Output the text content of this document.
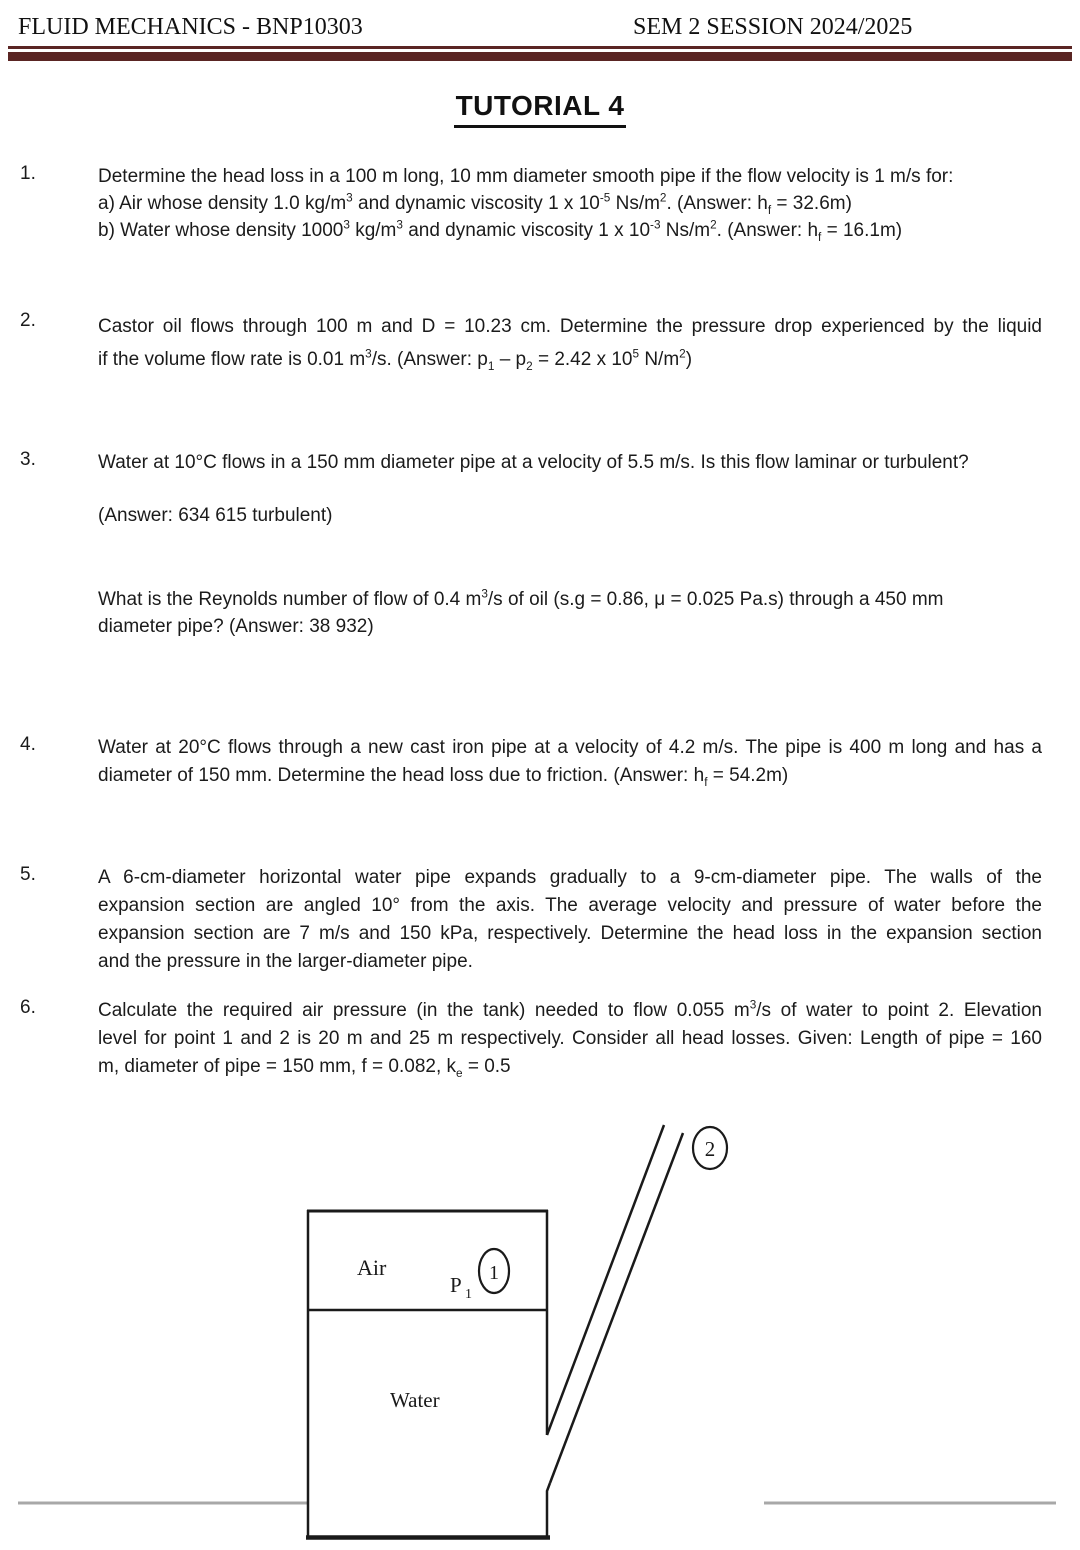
FLUID MECHANICS - BNP10303	SEM 2 SESSION 2024/2025
TUTORIAL 4
1.	Determine the head loss in a 100 m long, 10 mm diameter smooth pipe if the flow velocity is 1 m/s for:
a) Air whose density 1.0 $kg/m^3$ and dynamic viscosity 1 x $10^{-5}$ $Ns/m^2$. (Answer: $h_f = 32.6m$)
b) Water whose density 1000$^3$ $kg/m^3$ and dynamic viscosity 1 x $10^{-3}$ $Ns/m^2$. (Answer: $h_f = 16.1m$)
2.	Castor oil flows through 100 m and D = 10.23 cm. Determine the pressure drop experienced by the liquid
if the volume flow rate is 0.01 $m^3/s$. (Answer: $p_1 - p_2 = 2.42$ x $10^5$ $N/m^2$)
3.	Water at 10°C flows in a 150 mm diameter pipe at a velocity of 5.5 m/s. Is this flow laminar or turbulent?
(Answer: 634 615 turbulent)
What is the Reynolds number of flow of 0.4 $m^3/s$ of oil (s.g = 0.86, μ = 0.025 Pa.s) through a 450 mm
diameter pipe? (Answer: 38 932)
4.	Water at 20°C flows through a new cast iron pipe at a velocity of 4.2 m/s. The pipe is 400 m long and has a
diameter of 150 mm. Determine the head loss due to friction. (Answer: $h_f = 54.2m$)
5.	A 6-cm-diameter horizontal water pipe expands gradually to a 9-cm-diameter pipe. The walls of the
expansion section are angled 10° from the axis. The average velocity and pressure of water before the
expansion section are 7 m/s and 150 kPa, respectively. Determine the head loss in the expansion section
and the pressure in the larger-diameter pipe.
6.	Calculate the required air pressure (in the tank) needed to flow 0.055 $m^3/s$ of water to point 2. Elevation
level for point 1 and 2 is 20 m and 25 m respectively. Consider all head losses. Given: Length of pipe = 160
m, diameter of pipe = 150 mm, f = 0.082, $k_e = 0.5$
2
1
Air
P 1
Water
